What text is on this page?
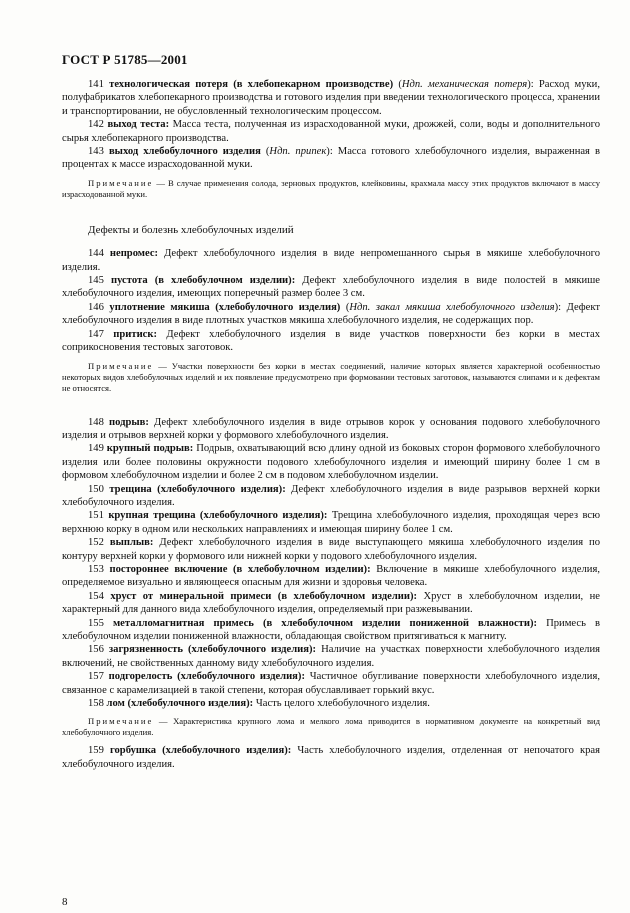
ГОСТ Р 51785—2001

141 технологическая потеря (в хлебопекарном производстве) (Ндп. механическая потеря): Расход муки, полуфабрикатов хлебопекарного производства и готового изделия при введении технологического процесса, хранении и транспортировании, не обусловленный технологическим процессом.

142 выход теста: Масса теста, полученная из израсходованной муки, дрожжей, соли, воды и дополнительного сырья хлебопекарного производства.

143 выход хлебобулочного изделия (Ндп. припек): Масса готового хлебобулочного изделия, выраженная в процентах к массе израсходованной муки.

Примечание — В случае применения солода, зерновых продуктов, клейковины, крахмала массу этих продуктов включают в массу израсходованной муки.

Дефекты и болезнь хлебобулочных изделий

144 непромес: Дефект хлебобулочного изделия в виде непромешанного сырья в мякише хлебобулочного изделия.

145 пустота (в хлебобулочном изделии): Дефект хлебобулочного изделия в виде полостей в мякише хлебобулочного изделия, имеющих поперечный размер более 3 см.

146 уплотнение мякиша (хлебобулочного изделия) (Ндп. закал мякиша хлебобулочного изделия): Дефект хлебобулочного изделия в виде плотных участков мякиша хлебобулочного изделия, не содержащих пор.

147 притиск: Дефект хлебобулочного изделия в виде участков поверхности без корки в местах соприкосновения тестовых заготовок.

Примечание — Участки поверхности без корки в местах соединений, наличие которых является характерной особенностью некоторых видов хлебобулочных изделий и их появление предусмотрено при формовании тестовых заготовок, называются слипами и к дефектам не относятся.

148 подрыв: Дефект хлебобулочного изделия в виде отрывов корок у основания подового хлебобулочного изделия и отрывов верхней корки у формового хлебобулочного изделия.

149 крупный подрыв: Подрыв, охватывающий всю длину одной из боковых сторон формового хлебобулочного изделия или более половины окружности подового хлебобулочного изделия и имеющий ширину более 1 см в формовом хлебобулочном изделии и более 2 см в подовом хлебобулочном изделии.

150 трещина (хлебобулочного изделия): Дефект хлебобулочного изделия в виде разрывов верхней корки хлебобулочного изделия.

151 крупная трещина (хлебобулочного изделия): Трещина хлебобулочного изделия, проходящая через всю верхнюю корку в одном или нескольких направлениях и имеющая ширину более 1 см.

152 выплыв: Дефект хлебобулочного изделия в виде выступающего мякиша хлебобулочного изделия по контуру верхней корки у формового или нижней корки у подового хлебобулочного изделия.

153 постороннее включение (в хлебобулочном изделии): Включение в мякише хлебобулочного изделия, определяемое визуально и являющееся опасным для жизни и здоровья человека.

154 хруст от минеральной примеси (в хлебобулочном изделии): Хруст в хлебобулочном изделии, не характерный для данного вида хлебобулочного изделия, определяемый при разжевывании.

155 металломагнитная примесь (в хлебобулочном изделии пониженной влажности): Примесь в хлебобулочном изделии пониженной влажности, обладающая свойством притягиваться к магниту.

156 загрязненность (хлебобулочного изделия): Наличие на участках поверхности хлебобулочного изделия включений, не свойственных данному виду хлебобулочного изделия.

157 подгорелость (хлебобулочного изделия): Частичное обугливание поверхности хлебобулочного изделия, связанное с карамелизацией в такой степени, которая обуславливает горький вкус.

158 лом (хлебобулочного изделия): Часть целого хлебобулочного изделия.

Примечание — Характеристика крупного лома и мелкого лома приводится в нормативном документе на конкретный вид хлебобулочного изделия.

159 горбушка (хлебобулочного изделия): Часть хлебобулочного изделия, отделенная от непочатого края хлебобулочного изделия.

8
